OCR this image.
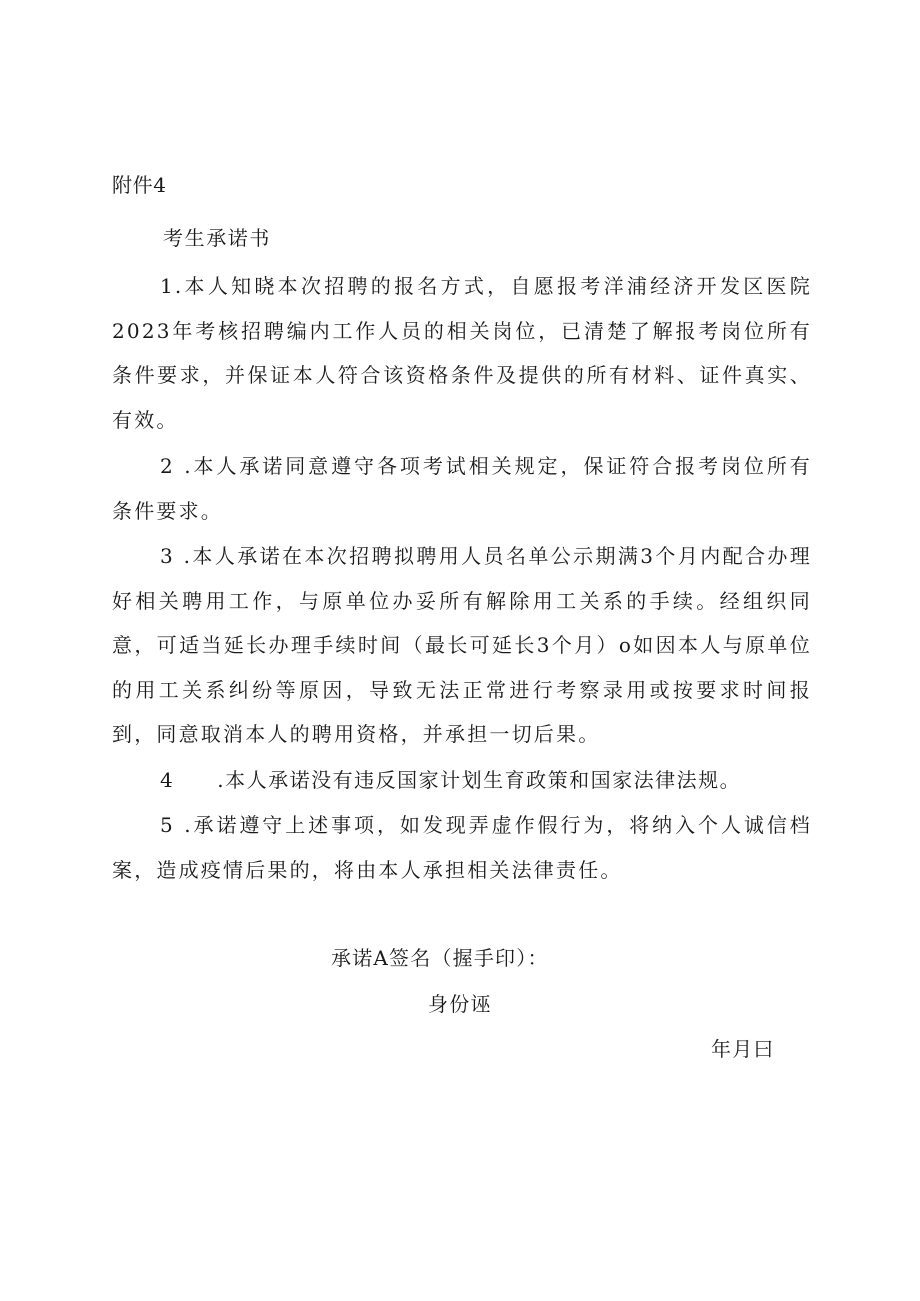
附件4
考生承诺书

1.本人知晓本次招聘的报名方式，自愿报考洋浦经济开发区医院2023年考核招聘编内工作人员的相关岗位，已清楚了解报考岗位所有条件要求，并保证本人符合该资格条件及提供的所有材料、证件真实、有效。

2 .本人承诺同意遵守各项考试相关规定，保证符合报考岗位所有条件要求。

3 .本人承诺在本次招聘拟聘用人员名单公示期满3个月内配合办理好相关聘用工作，与原单位办妥所有解除用工关系的手续。经组织同意，可适当延长办理手续时间（最长可延长3个月）o如因本人与原单位的用工关系纠纷等原因，导致无法正常进行考察录用或按要求时间报到，同意取消本人的聘用资格，并承担一切后果。

4　　.本人承诺没有违反国家计划生育政策和国家法律法规。

5 .承诺遵守上述事项，如发现弄虚作假行为，将纳入个人诚信档案，造成疫情后果的，将由本人承担相关法律责任。

承诺A签名（握手印）：
身份诬
年月曰
